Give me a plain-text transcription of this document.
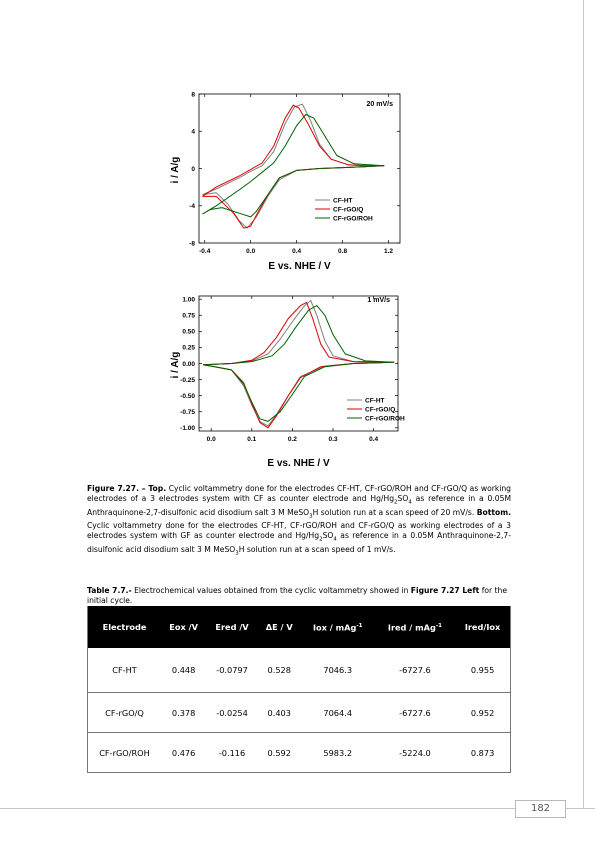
182
-0.4	0.0	0.4	0.8	1.2
8
4
0
-4
-8
E vs. NHE / V
i / A/g
20 mV/s
CF-HT
CF-rGO/Q
CF-rGO/ROH
0.0	0.1	0.2	0.3	0.4
1.00
0.75
0.50
0.25
0.00
-0.25
-0.50
-0.75
-1.00
E vs. NHE / V
i / A/g
1 mV/s
CF-HT
CF-rGO/Q
CF-rGO/ROH
Figure 7.27. – Top. Cyclic voltammetry done for the electrodes CF-HT, CF-rGO/ROH and CF-rGO/Q as working electrodes of a 3 electrodes system with CF as counter electrode and $Hg/Hg_2SO_4$ as reference in a 0.05M Anthraquinone-2,7-disulfonic acid disodium salt 3 M MeSO$_3$H solution run at a scan speed of 20 mV/s. Bottom. Cyclic voltammetry done for the electrodes CF-HT, CF-rGO/ROH and CF-rGO/Q as working electrodes of a 3 electrodes system with GF as counter electrode and $Hg/Hg_2SO_4$ as reference in a 0.05M Anthraquinone-2,7-disulfonic acid disodium salt 3 M MeSO$_3$H solution run at a scan speed of 1 mV/s.
Table 7.7.- Electrochemical values obtained from the cyclic voltammetry showed in Figure 7.27 Left for the initial cycle.
Electrode	Eox /V	Ered /V	ΔE / V	Iox / mAg$^{-1}$	Ired / mAg$^{-1}$	Ired/Iox
CF-HT	0.448	-0.0797	0.528	7046.3	-6727.6	0.955
CF-rGO/Q	0.378	-0.0254	0.403	7064.4	-6727.6	0.952
CF-rGO/ROH	0.476	-0.116	0.592	5983.2	-5224.0	0.873
